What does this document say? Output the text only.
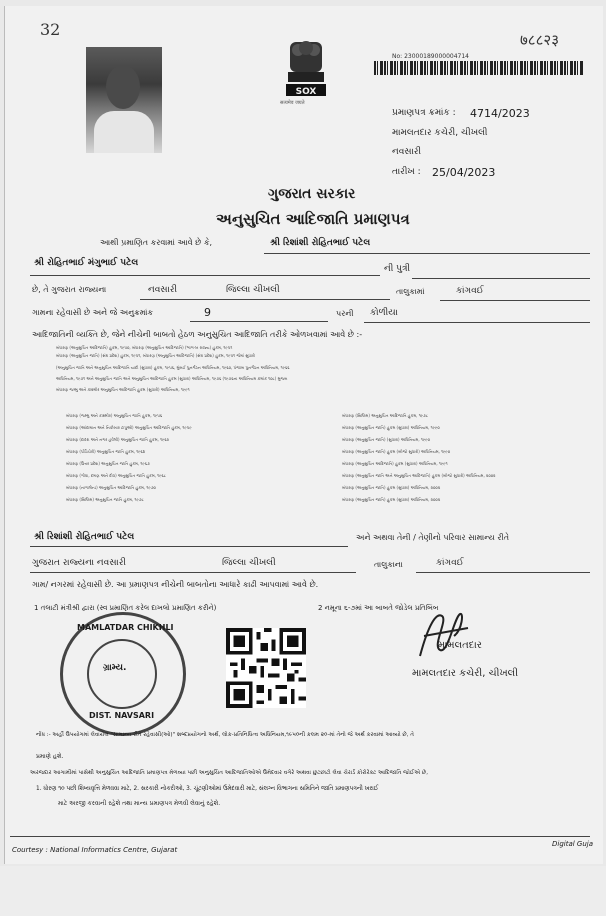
32
७८८२३
SOX
सत्यमेव जयते
No: 23000189000004714
પ્રમાણપત્ર ક્રમાંક : 4714/2023
મામલતદાર કચેરી, ચીખલી
નવસારી
તારીખ : 25/04/2023
ગુજરાત સરકાર
અનુસુચિત આદિજાતિ પ્રમાણપત્ર
આથી પ્રમાણિત કરવામાં આવે છે કે,	શ્રી રિશાંશી રોહિતભાઈ પટેલ
શ્રી રોહિતભાઈ મંગુભાઈ પટેલ
ની પુત્રી
છે, તે ગુજરાત રાજ્યના	નવસારી	જિલ્લા ચીખલી	તાલુકામાં	કાંગવઈ
ગામના રહેવાસી છે અને જે અનુક્રમાંક	9	પરની કોળીયા
આદિજાતિની વ્યક્તિ છે, જેને નીચેની બાબતો હેઠળ અનુસુચિત આદિજાતિ તરીકે ઓળખવામાં આવે છે :-
બંધારણ (અનુસુચિત આદિજાતિ) હુકમ, ૧૯૫૦, બંધારણ (અનુસુચિત આદિજાતિ) (ભાગ-ખ રાજ્ય) હુકમ, ૧૯૫૧
બંધારણ (અનુસુચિત જાતિ) (સંઘ પ્રદેશ) હુકમ, ૧૯૫૧, બંધારણ (અનુસુચિત આદિજાતિ) (સંઘ પ્રદેશ) હુકમ, ૧૯૫૧ જેમાં સુધારો
(અનુસુચિત જાતિ અને અનુસુચિત આદિજાતિ યાદી (સુધારા) હુકમ, ૧૯૫૬, મુંબઈ પુનર્ગઠન અધિનિયમ, ૧૯૬૦, પંજાબ પુનર્ગઠન અધિનિયમ, ૧૯૬૬
અધિનિયમ, ૧૯૭૧ અને અનુસુચિત જાતિ અને અનુસુચિત આદિજાતિ હુકમ (સુધારા) અધિનિયમ, ૧૯૭૬ (૧૯૭૬ના અધિનિયમ ક્રમાંક ૧૦૮) મુજબ
બંધારણ જમ્મુ અને કાશ્મીર અનુસુચિત આદિજાતિ હુકમ (સુધારો) અધિનિયમ, ૧૯૯૧
બંધારણ (જમ્મુ અને કાશ્મીર) અનુસુચિત જાતિ હુકમ, ૧૯૫૬
બંધારણ (આંદામાન અને નિકોબાર ટાપુઓ) અનુસુચિત આદિજાતિ હુકમ, ૧૯૫૯
બંધારણ (દાદરા અને નગર હવેલી) અનુસુચિત જાતિ હુકમ, ૧૯૬૨
બંધારણ (પોંડિચેરી) અનુસુચિત જાતિ હુકમ, ૧૯૬૪
બંધારણ (ઉત્તર પ્રદેશ) અનુસુચિત જાતિ હુકમ, ૧૯૬૭
બંધારણ (ગોવા, દમણ અને દીવ) અનુસુચિત જાતિ હુકમ, ૧૯૬૮
બંધારણ (નાગાલેન્ડ) અનુસુચિત આદિજાતિ હુકમ, ૧૯૭૦
બંધારણ (સિક્કિમ) અનુસુચિત જાતિ હુકમ, ૧૯૭૮
બંધારણ (સિક્કિમ) અનુસુચિત આદિજાતિ હુકમ, ૧૯૭૮
બંધારણ (અનુસુચિત જાતિ) હુકમ (સુધારા) અધિનિયમ, ૧૯૯૦
બંધારણ (અનુસુચિત જાતિ) (સુધારા) અધિનિયમ, ૧૯૯૦
બંધારણ (અનુસુચિત જાતિ) હુકમ (બીજો સુધારો) અધિનિયમ, ૧૯૯૦
બંધારણ (અનુસુચિત આદિજાતિ) હુકમ (સુધારા) અધિનિયમ, ૧૯૯૧
બંધારણ (અનુસુચિત જાતિ અને અનુસુચિત આદિજાતિ) હુકમ (બીજો સુધારો) અધિનિયમ, ૨૦૦૨
બંધારણ (અનુસુચિત જાતિ) હુકમ (સુધારા) અધિનિયમ, ૨૦૦૨
બંધારણ (અનુસુચિત જાતિ) હુકમ (સુધારા) અધિનિયમ, ૨૦૦૨
શ્રી રિશાંશી રોહિતભાઈ પટેલ	અને અથવા તેની / તેણીનો પરિવાર સામાન્ય રીતે
ગુજરાત રાજ્યના નવસારી	જિલ્લા ચીખલી	તાલુકાના	કાંગવઈ
ગામ/ નગરમાં રહેવાસી છે. આ પ્રમાણપત્ર નીચેની બાબતોના આધારે કાઢી આપવામાં આવે છે.
1 તલાટી મંત્રીશ્રી દ્વારા (સ્વ પ્રમાણિત કરેલ દાખલો પ્રમાણિત કરીને)	2 નમૂના ૬-૭માં આ બાબતે જોડેલ પ્રતિબિંબ
MAMLATDAR CHIKHLI
ગ્રામ્ય.
DIST. NAVSARI
મામલતદાર
મામલતદાર કચેરી, ચીખલી
નોંધ :- અહીં ઉપયોગમાં લેવાયેલ "સામાન્ય રીતે રહેવાસી(ઓ)" શબ્દપ્રયોગનો અર્થ, લોક-પ્રતિનિધિત્વ અધિનિયમ,૧૯૫૦ની કલમ ૨૦-માં તેનો જે અર્થ કરવામાં આવ્યો છે, તે
પ્રમાણે હશે.
અરજદાર આગામીમાં પાસેથી અનુસુચિત આદિજાતિ પ્રમાણપત્ર મેળવ્યા પછી અનુસુચિત આદિજાતિઓએ ઉમેદવાર વગેરે અથવા છુટછાટો લેવા ચેરાર્ડ કોરોરેક્ટ આદિજાતિ જોઈએ છે,
1. ધોરણ ૧૦ પછી શિષ્યવૃત્તિ મેળવવા માટે, 2. સરકારી નોકરીઓ, 3. ચૂંટણીઓમાં ઉમેદવારી માટે, સંલગ્ન વિભાગના સમિતિને જાતિ પ્રમાણપત્રની ખરાઈ
માટે અરજી કરવાની રહેશે તથા માન્ય પ્રમાણપત્ર મેળવી લેવાનું રહેશે.
Courtesy : National Informatics Centre, Gujarat
Digital Guja
